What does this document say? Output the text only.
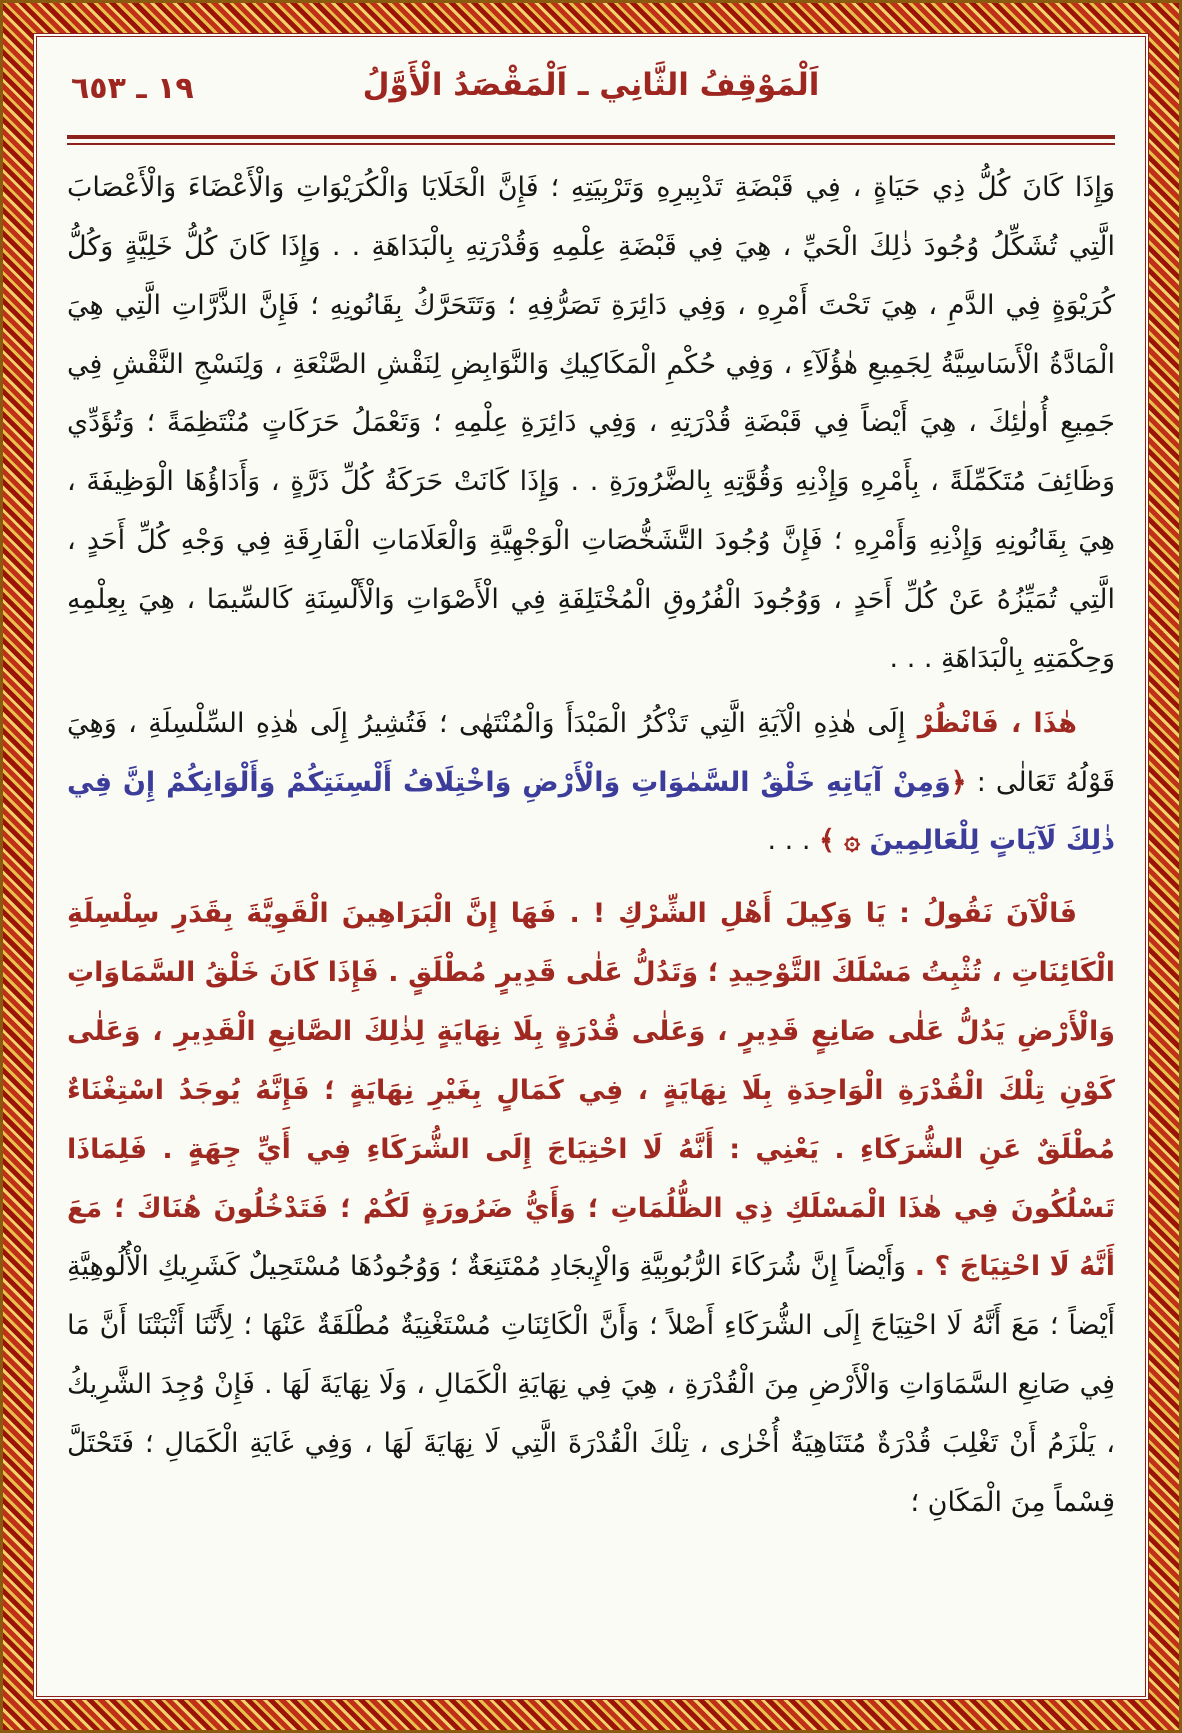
١٩ ـ ٦٥٣	اَلْمَوْقِفُ الثَّانِي ـ اَلْمَقْصَدُ الْأَوَّلُ

وَإِذَا كَانَ كُلُّ ذِي حَيَاةٍ ، فِي قَبْضَةِ تَدْبِيرِهِ وَتَرْبِيَتِهِ ؛ فَإِنَّ الْخَلَايَا وَالْكُرَيْوَاتِ وَالْأَعْضَاءَ وَالْأَعْصَابَ الَّتِي تُشَكِّلُ وُجُودَ ذٰلِكَ الْحَيِّ ، هِيَ فِي قَبْضَةِ عِلْمِهِ وَقُدْرَتِهِ بِالْبَدَاهَةِ . . وَإِذَا كَانَ كُلُّ خَلِيَّةٍ وَكُلُّ كُرَيْوَةٍ فِي الدَّمِ ، هِيَ تَحْتَ أَمْرِهِ ، وَفِي دَائِرَةِ تَصَرُّفِهِ ؛ وَتَتَحَرَّكُ بِقَانُونِهِ ؛ فَإِنَّ الذَّرَّاتِ الَّتِي هِيَ الْمَادَّةُ الْأَسَاسِيَّةُ لِجَمِيعِ هٰؤُلَآءِ ، وَفِي حُكْمِ الْمَكَاكِيكِ وَالنَّوَابِضِ لِنَقْشِ الصَّنْعَةِ ، وَلِنَسْجِ النَّقْشِ فِي جَمِيعِ أُولٰئِكَ ، هِيَ أَيْضاً فِي قَبْضَةِ قُدْرَتِهِ ، وَفِي دَائِرَةِ عِلْمِهِ ؛ وَتَعْمَلُ حَرَكَاتٍ مُنْتَظِمَةً ؛ وَتُؤَدِّي وَظَائِفَ مُتَكَمِّلَةً ، بِأَمْرِهِ وَإِذْنِهِ وَقُوَّتِهِ بِالضَّرُورَةِ . . وَإِذَا كَانَتْ حَرَكَةُ كُلِّ ذَرَّةٍ ، وَأَدَاؤُهَا الْوَظِيفَةَ ، هِيَ بِقَانُونِهِ وَإِذْنِهِ وَأَمْرِهِ ؛ فَإِنَّ وُجُودَ التَّشَخُّصَاتِ الْوَجْهِيَّةِ وَالْعَلَامَاتِ الْفَارِقَةِ فِي وَجْهِ كُلِّ أَحَدٍ ، الَّتِي تُمَيِّزُهُ عَنْ كُلِّ أَحَدٍ ، وَوُجُودَ الْفُرُوقِ الْمُخْتَلِفَةِ فِي الْأَصْوَاتِ وَالْأَلْسِنَةِ كَالسِّيمَا ، هِيَ بِعِلْمِهِ وَحِكْمَتِهِ بِالْبَدَاهَةِ . . .

هٰذَا ، فَانْظُرْ إِلَى هٰذِهِ الْآيَةِ الَّتِي تَذْكُرُ الْمَبْدَأَ وَالْمُنْتَهٰى ؛ فَتُشِيرُ إِلَى هٰذِهِ السِّلْسِلَةِ ، وَهِيَ قَوْلُهُ تَعَالٰى : ﴿وَمِنْ آيَاتِهِ خَلْقُ السَّمٰوَاتِ وَالْأَرْضِ وَاخْتِلَافُ أَلْسِنَتِكُمْ وَأَلْوَانِكُمْ إِنَّ فِي ذٰلِكَ لَآيَاتٍ لِلْعَالِمِينَ ۞ ﴾ . . .

فَالْآنَ نَقُولُ : يَا وَكِيلَ أَهْلِ الشِّرْكِ ! . فَهَا إِنَّ الْبَرَاهِينَ الْقَوِيَّةَ بِقَدَرِ سِلْسِلَةِ الْكَائِنَاتِ ، تُثْبِتُ مَسْلَكَ التَّوْحِيدِ ؛ وَتَدُلُّ عَلٰى قَدِيرٍ مُطْلَقٍ . فَإِذَا كَانَ خَلْقُ السَّمَاوَاتِ وَالْأَرْضِ يَدُلُّ عَلٰى صَانِعٍ قَدِيرٍ ، وَعَلٰى قُدْرَةٍ بِلَا نِهَايَةٍ لِذٰلِكَ الصَّانِعِ الْقَدِيرِ ، وَعَلٰى كَوْنِ تِلْكَ الْقُدْرَةِ الْوَاحِدَةِ بِلَا نِهَايَةٍ ، فِي كَمَالٍ بِغَيْرِ نِهَايَةٍ ؛ فَإِنَّهُ يُوجَدُ اسْتِغْنَاءٌ مُطْلَقٌ عَنِ الشُّرَكَاءِ . يَعْنِي : أَنَّهُ لَا احْتِيَاجَ إِلَى الشُّرَكَاءِ فِي أَيِّ جِهَةٍ . فَلِمَاذَا تَسْلُكُونَ فِي هٰذَا الْمَسْلَكِ ذِي الظُّلُمَاتِ ؛ وَأَيُّ ضَرُورَةٍ لَكُمْ ؛ فَتَدْخُلُونَ هُنَاكَ ؛ مَعَ أَنَّهُ لَا احْتِيَاجَ ؟ . وَأَيْضاً إِنَّ شُرَكَاءَ الرُّبُوبِيَّةِ وَالْإِيجَادِ مُمْتَنِعَةٌ ؛ وَوُجُودُهَا مُسْتَحِيلٌ كَشَرِيكِ الْأُلُوهِيَّةِ أَيْضاً ؛ مَعَ أَنَّهُ لَا احْتِيَاجَ إِلَى الشُّرَكَاءِ أَصْلاً ؛ وَأَنَّ الْكَائِنَاتِ مُسْتَغْنِيَةٌ مُطْلَقَةٌ عَنْهَا ؛ لِأَنَّنَا أَثْبَتْنَا أَنَّ مَا فِي صَانِعِ السَّمَاوَاتِ وَالْأَرْضِ مِنَ الْقُدْرَةِ ، هِيَ فِي نِهَايَةِ الْكَمَالِ ، وَلَا نِهَايَةَ لَهَا . فَإِنْ وُجِدَ الشَّرِيكُ ، يَلْزَمُ أَنْ تَغْلِبَ قُدْرَةٌ مُتَنَاهِيَةٌ أُخْرٰى ، تِلْكَ الْقُدْرَةَ الَّتِي لَا نِهَايَةَ لَهَا ، وَفِي غَايَةِ الْكَمَالِ ؛ فَتَحْتَلَّ قِسْماً مِنَ الْمَكَانِ ؛
